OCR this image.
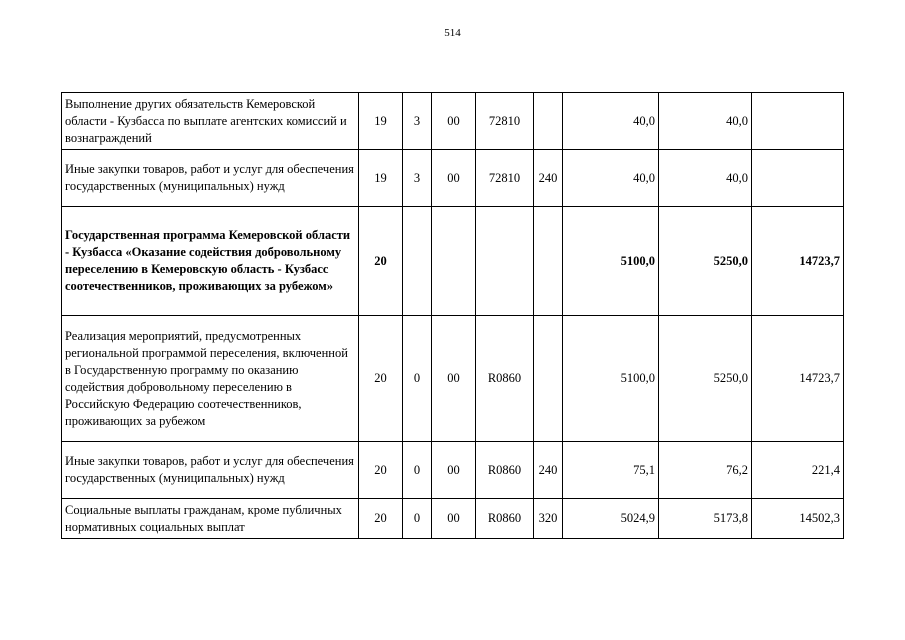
514
Выполнение других обязательств Кемеровской области - Кузбасса по выплате агентских комиссий и вознаграждений	19	3	00	72810		40,0	40,0	
Иные закупки товаров, работ и услуг для обеспечения государственных (муниципальных) нужд	19	3	00	72810	240	40,0	40,0	
Государственная программа Кемеровской области - Кузбасса «Оказание содействия добровольному переселению в Кемеровскую область - Кузбасс соотечественников, проживающих за рубежом»	20					5100,0	5250,0	14723,7
Реализация мероприятий, предусмотренных региональной программой переселения, включенной в Государственную программу по оказанию содействия добровольному переселению в Российскую Федерацию соотечественников, проживающих за рубежом	20	0	00	R0860		5100,0	5250,0	14723,7
Иные закупки товаров, работ и услуг для обеспечения государственных (муниципальных) нужд	20	0	00	R0860	240	75,1	76,2	221,4
Социальные выплаты гражданам, кроме публичных нормативных социальных выплат	20	0	00	R0860	320	5024,9	5173,8	14502,3
